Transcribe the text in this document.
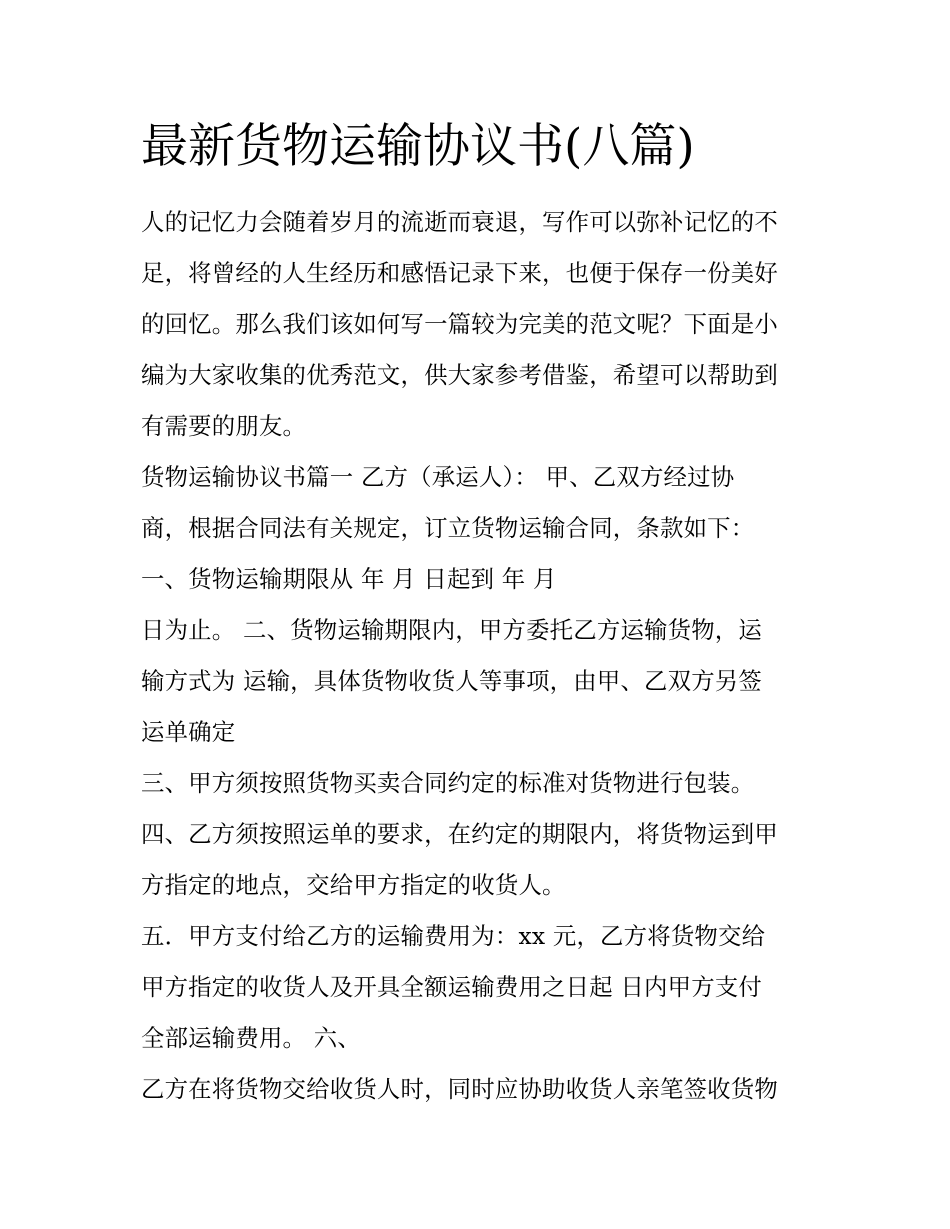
最新货物运输协议书(八篇)

人的记忆力会随着岁月的流逝而衰退，写作可以弥补记忆的不

足，将曾经的人生经历和感悟记录下来，也便于保存一份美好

的回忆。那么我们该如何写一篇较为完美的范文呢？下面是小

编为大家收集的优秀范文，供大家参考借鉴，希望可以帮助到

有需要的朋友。

货物运输协议书篇一 乙方（承运人）： 甲、乙双方经过协

商，根据合同法有关规定，订立货物运输合同，条款如下：

一、货物运输期限从 年 月 日起到 年 月

日为止。 二、货物运输期限内，甲方委托乙方运输货物，运

输方式为 运输，具体货物收货人等事项，由甲、乙双方另签

运单确定

三、甲方须按照货物买卖合同约定的标准对货物进行包装。

四、乙方须按照运单的要求，在约定的期限内，将货物运到甲

方指定的地点，交给甲方指定的收货人。

五．甲方支付给乙方的运输费用为：xx 元，乙方将货物交给

甲方指定的收货人及开具全额运输费用之日起 日内甲方支付

全部运输费用。 六、

乙方在将货物交给收货人时，同时应协助收货人亲笔签收货物
